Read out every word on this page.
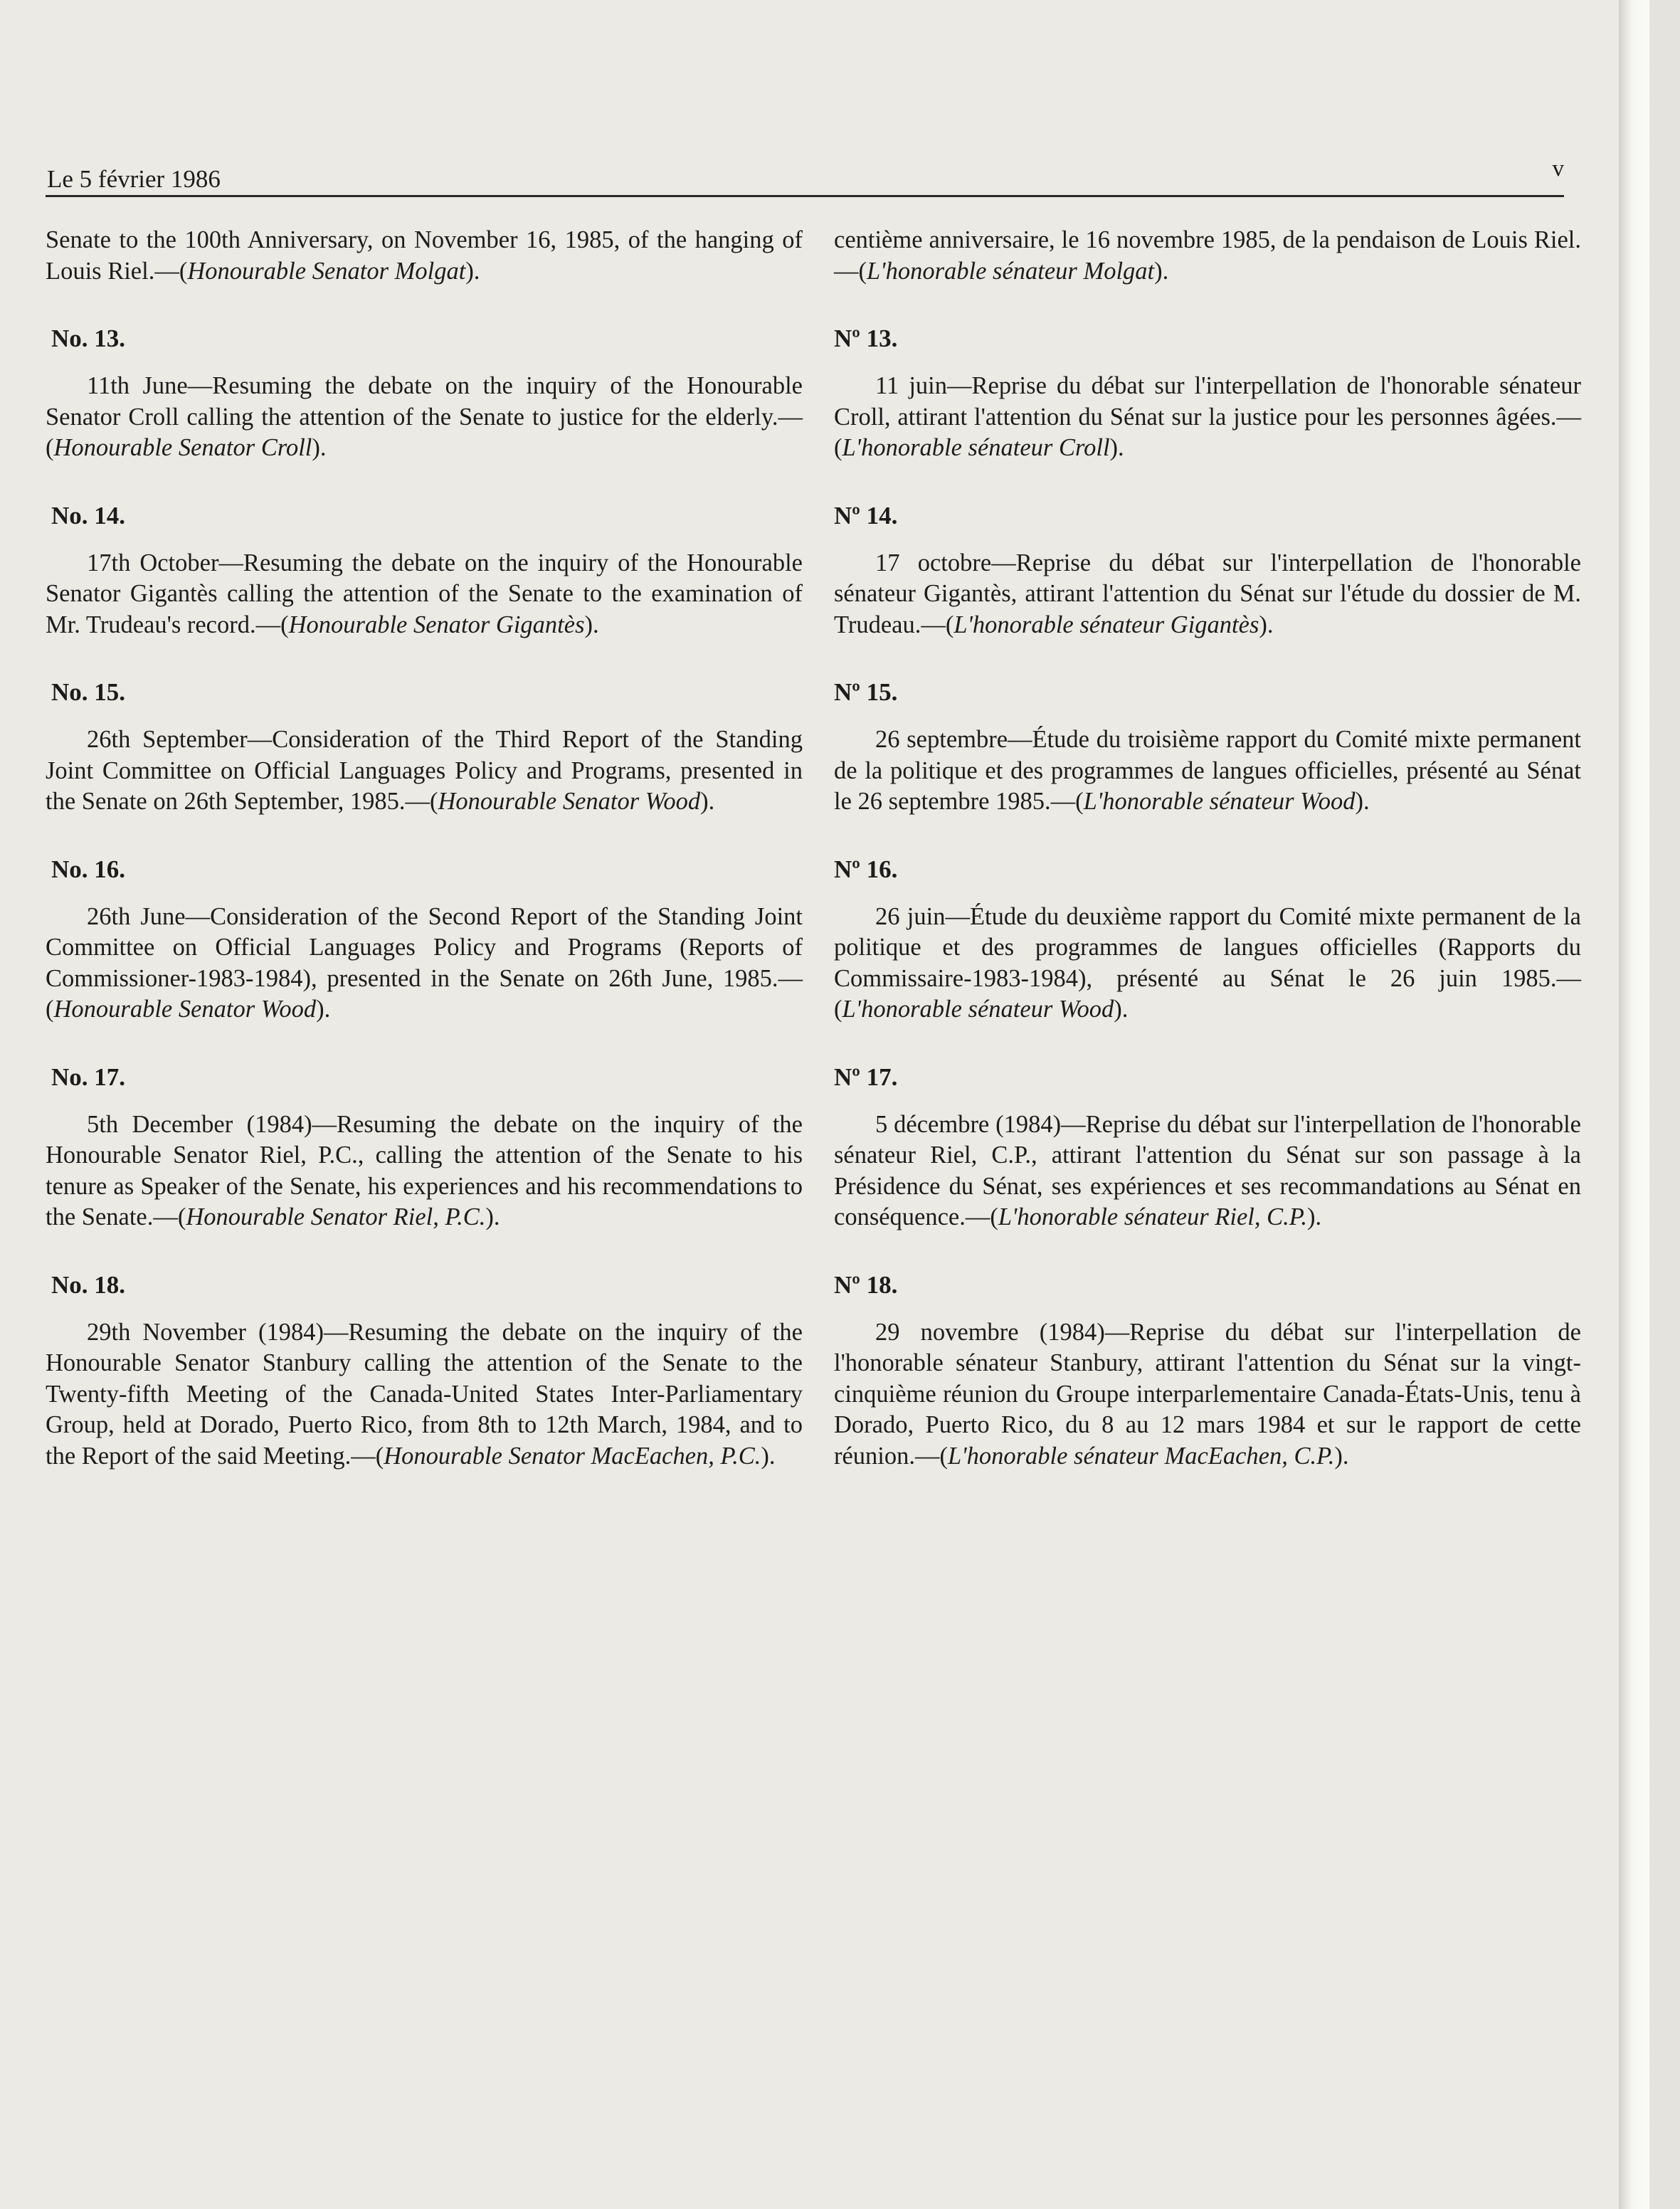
Le 5 février 1986	v

Senate to the 100th Anniversary, on November 16, 1985, of the hanging of Louis Riel.—(Honourable Senator Molgat).

No. 13.

11th June—Resuming the debate on the inquiry of the Honourable Senator Croll calling the attention of the Senate to justice for the elderly.—(Honourable Senator Croll).

No. 14.

17th October—Resuming the debate on the inquiry of the Honourable Senator Gigantès calling the attention of the Senate to the examination of Mr. Trudeau's record.—(Honourable Senator Gigantès).

No. 15.

26th September—Consideration of the Third Report of the Standing Joint Committee on Official Languages Policy and Programs, presented in the Senate on 26th September, 1985.—(Honourable Senator Wood).

No. 16.

26th June—Consideration of the Second Report of the Standing Joint Committee on Official Languages Policy and Programs (Reports of Commissioner-1983-1984), presented in the Senate on 26th June, 1985.—(Honourable Senator Wood).

No. 17.

5th December (1984)—Resuming the debate on the inquiry of the Honourable Senator Riel, P.C., calling the attention of the Senate to his tenure as Speaker of the Senate, his experiences and his recommendations to the Senate.—(Honourable Senator Riel, P.C.).

No. 18.

29th November (1984)—Resuming the debate on the inquiry of the Honourable Senator Stanbury calling the attention of the Senate to the Twenty-fifth Meeting of the Canada-United States Inter-Parliamentary Group, held at Dorado, Puerto Rico, from 8th to 12th March, 1984, and to the Report of the said Meeting.—(Honourable Senator MacEachen, P.C.).

centième anniversaire, le 16 novembre 1985, de la pendaison de Louis Riel.—(L'honorable sénateur Molgat).

Nº 13.

11 juin—Reprise du débat sur l'interpellation de l'honorable sénateur Croll, attirant l'attention du Sénat sur la justice pour les personnes âgées.—(L'honorable sénateur Croll).

Nº 14.

17 octobre—Reprise du débat sur l'interpellation de l'honorable sénateur Gigantès, attirant l'attention du Sénat sur l'étude du dossier de M. Trudeau.—(L'honorable sénateur Gigantès).

Nº 15.

26 septembre—Étude du troisième rapport du Comité mixte permanent de la politique et des programmes de langues officielles, présenté au Sénat le 26 septembre 1985.—(L'honorable sénateur Wood).

Nº 16.

26 juin—Étude du deuxième rapport du Comité mixte permanent de la politique et des programmes de langues officielles (Rapports du Commissaire-1983-1984), présenté au Sénat le 26 juin 1985.—(L'honorable sénateur Wood).

Nº 17.

5 décembre (1984)—Reprise du débat sur l'interpellation de l'honorable sénateur Riel, C.P., attirant l'attention du Sénat sur son passage à la Présidence du Sénat, ses expériences et ses recommandations au Sénat en conséquence.—(L'honorable sénateur Riel, C.P.).

Nº 18.

29 novembre (1984)—Reprise du débat sur l'interpellation de l'honorable sénateur Stanbury, attirant l'attention du Sénat sur la vingt-cinquième réunion du Groupe interparlementaire Canada-États-Unis, tenu à Dorado, Puerto Rico, du 8 au 12 mars 1984 et sur le rapport de cette réunion.—(L'honorable sénateur MacEachen, C.P.).
